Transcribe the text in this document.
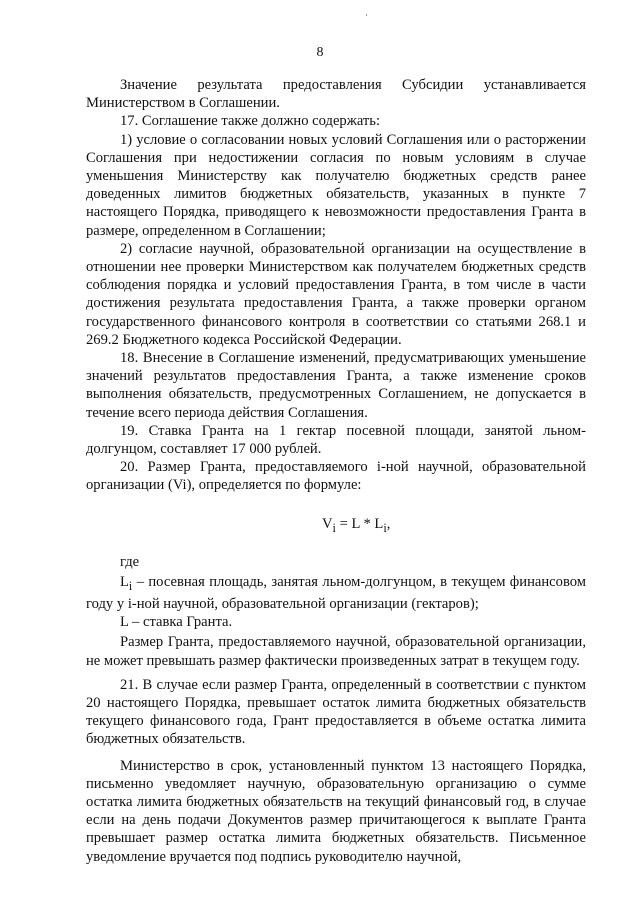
8

Значение результата предоставления Субсидии устанавливается Министерством в Соглашении.

17. Соглашение также должно содержать:

1) условие о согласовании новых условий Соглашения или о расторжении Соглашения при недостижении согласия по новым условиям в случае уменьшения Министерству как получателю бюджетных средств ранее доведенных лимитов бюджетных обязательств, указанных в пункте 7 настоящего Порядка, приводящего к невозможности предоставления Гранта в размере, определенном в Соглашении;

2) согласие научной, образовательной организации на осуществление в отношении нее проверки Министерством как получателем бюджетных средств соблюдения порядка и условий предоставления Гранта, в том числе в части достижения результата предоставления Гранта, а также проверки органом государственного финансового контроля в соответствии со статьями 268.1 и 269.2 Бюджетного кодекса Российской Федерации.

18. Внесение в Соглашение изменений, предусматривающих уменьшение значений результатов предоставления Гранта, а также изменение сроков выполнения обязательств, предусмотренных Соглашением, не допускается в течение всего периода действия Соглашения.

19. Ставка Гранта на 1 гектар посевной площади, занятой льном-долгунцом, составляет 17 000 рублей.

20. Размер Гранта, предоставляемого i-ной научной, образовательной организации (Vi), определяется по формуле:

$V_i = L * L_i$,

где

$L_i$ – посевная площадь, занятая льном-долгунцом, в текущем финансовом году у i-ной научной, образовательной организации (гектаров);

L – ставка Гранта.

Размер Гранта, предоставляемого научной, образовательной организации, не может превышать размер фактически произведенных затрат в текущем году.

21. В случае если размер Гранта, определенный в соответствии с пунктом 20 настоящего Порядка, превышает остаток лимита бюджетных обязательств текущего финансового года, Грант предоставляется в объеме остатка лимита бюджетных обязательств.

Министерство в срок, установленный пунктом 13 настоящего Порядка, письменно уведомляет научную, образовательную организацию о сумме остатка лимита бюджетных обязательств на текущий финансовый год, в случае если на день подачи Документов размер причитающегося к выплате Гранта превышает размер остатка лимита бюджетных обязательств. Письменное уведомление вручается под подпись руководителю научной,
